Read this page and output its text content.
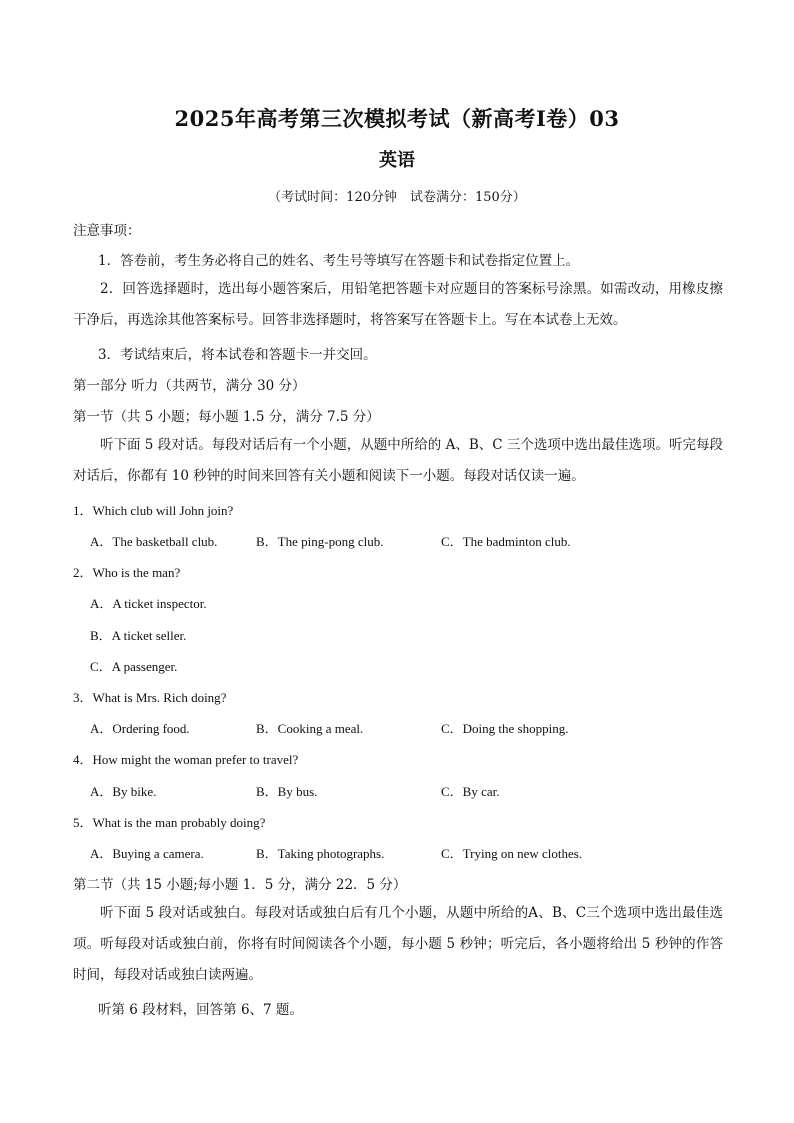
2025年高考第三次模拟考试（新高考Ⅰ卷）03
英语
（考试时间：120分钟　试卷满分：150分）
注意事项：
1．答卷前，考生务必将自己的姓名、考生号等填写在答题卡和试卷指定位置上。
2．回答选择题时，选出每小题答案后，用铅笔把答题卡对应题目的答案标号涂黑。如需改动，用橡皮擦干净后，再选涂其他答案标号。回答非选择题时，将答案写在答题卡上。写在本试卷上无效。
3．考试结束后，将本试卷和答题卡一并交回。
第一部分 听力（共两节，满分 30 分）
第一节（共 5 小题；每小题 1.5 分，满分 7.5 分）
听下面 5 段对话。每段对话后有一个小题，从题中所给的 A、B、C 三个选项中选出最佳选项。听完每段对话后，你都有 10 秒钟的时间来回答有关小题和阅读下一小题。每段对话仅读一遍。
1．Which club will John join?
A．The basketball club.	B．The ping-pong club.	C．The badminton club.
2．Who is the man?
A．A ticket inspector.
B．A ticket seller.
C．A passenger.
3．What is Mrs. Rich doing?
A．Ordering food.	B．Cooking a meal.	C．Doing the shopping.
4．How might the woman prefer to travel?
A．By bike.	B．By bus.	C．By car.
5．What is the man probably doing?
A．Buying a camera.	B．Taking photographs.	C．Trying on new clothes.
第二节（共 15 小题;每小题 1．5 分，满分 22．5 分）
听下面 5 段对话或独白。每段对话或独白后有几个小题，从题中所给的A、B、C三个选项中选出最佳选项。听每段对话或独白前，你将有时间阅读各个小题，每小题 5 秒钟；听完后，各小题将给出 5 秒钟的作答时间，每段对话或独白读两遍。
听第 6 段材料，回答第 6、7 题。
